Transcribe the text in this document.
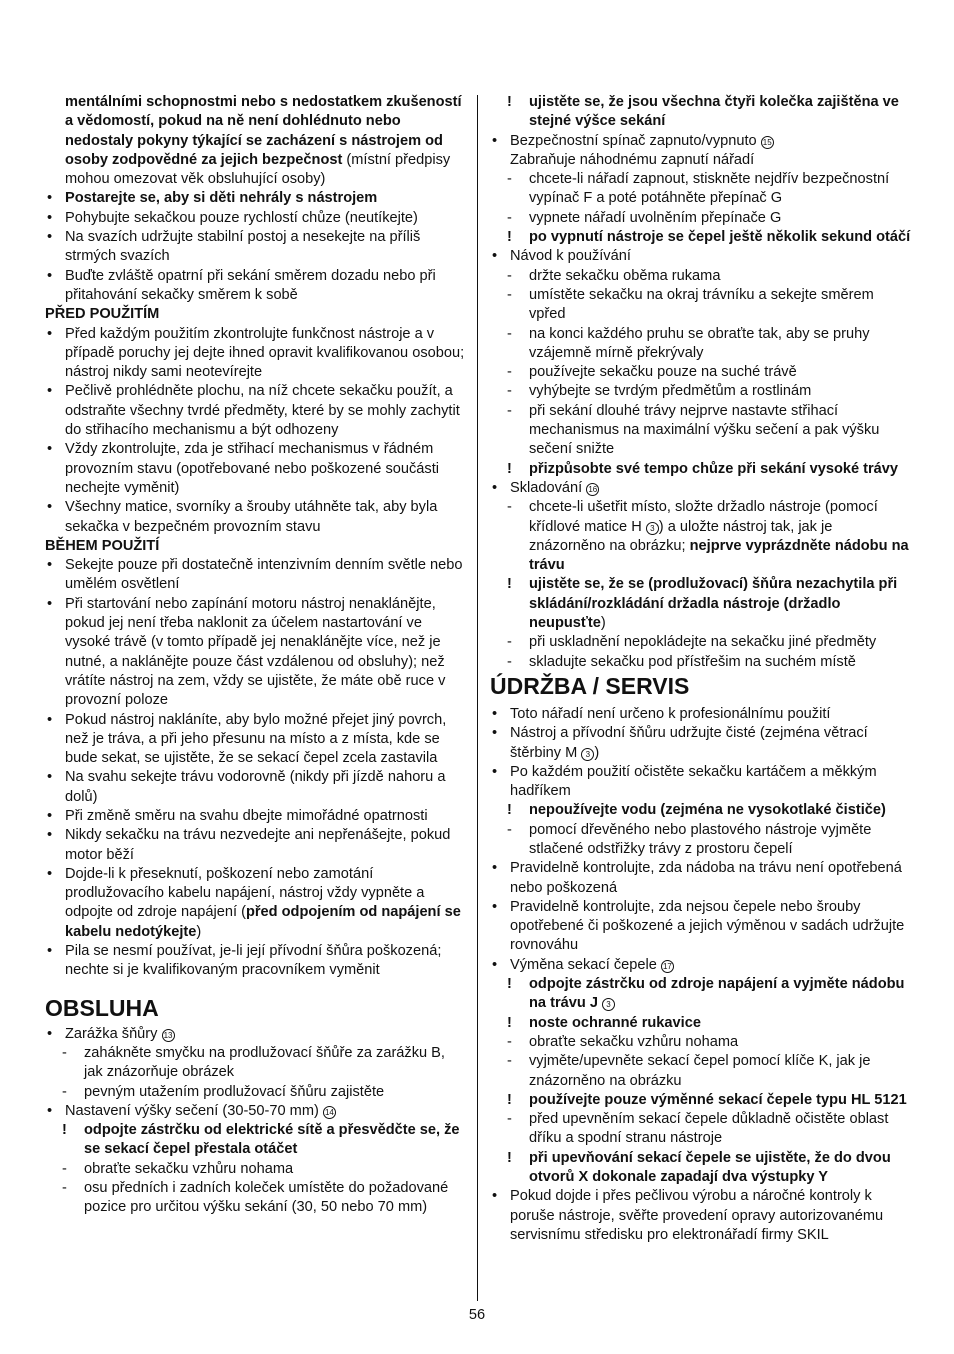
mentálními schopnostmi nebo s nedostatkem zkušeností a vědomostí, pokud na ně není dohlédnuto nebo nedostaly pokyny týkající se zacházení s nástrojem od osoby zodpovědné za jejich bezpečnost (místní předpisy mohou omezovat věk obsluhující osoby)
• Postarejte se, aby si děti nehrály s nástrojem
• Pohybujte sekačkou pouze rychlostí chůze (neutíkejte)
• Na svazích udržujte stabilní postoj a nesekejte na příliš strmých svazích
• Buďte zvláště opatrní při sekání směrem dozadu nebo při přitahování sekačky směrem k sobě
PŘED POUŽITÍM
• Před každým použitím zkontrolujte funkčnost nástroje a v případě poruchy jej dejte ihned opravit kvalifikovanou osobou; nástroj nikdy sami neotevírejte
• Pečlivě prohlédněte plochu, na níž chcete sekačku použít, a odstraňte všechny tvrdé předměty, které by se mohly zachytit do střihacího mechanismu a být odhozeny
• Vždy zkontrolujte, zda je střihací mechanismus v řádném provozním stavu (opotřebované nebo poškozené součásti nechejte vyměnit)
• Všechny matice, svorníky a šrouby utáhněte tak, aby byla sekačka v bezpečném provozním stavu
BĚHEM POUŽITÍ
• Sekejte pouze při dostatečně intenzivním denním světle nebo umělém osvětlení
• Při startování nebo zapínání motoru nástroj nenaklánějte, pokud jej není třeba naklonit za účelem nastartování ve vysoké trávě (v tomto případě jej nenaklánějte více, než je nutné, a naklánějte pouze část vzdálenou od obsluhy); než vrátíte nástroj na zem, vždy se ujistěte, že máte obě ruce v provozní poloze
• Pokud nástroj nakláníte, aby bylo možné přejet jiný povrch, než je tráva, a při jeho přesunu na místo a z místa, kde se bude sekat, se ujistěte, že se sekací čepel zcela zastavila
• Na svahu sekejte trávu vodorovně (nikdy při jízdě nahoru a dolů)
• Při změně směru na svahu dbejte mimořádné opatrnosti
• Nikdy sekačku na trávu nezvedejte ani nepřenášejte, pokud motor běží
• Dojde-li k přeseknutí, poškození nebo zamotání prodlužovacího kabelu napájení, nástroj vždy vypněte a odpojte od zdroje napájení (před odpojením od napájení se kabelu nedotýkejte)
• Pila se nesmí používat, je-li její přívodní šňůra poškozená; nechte si je kvalifikovaným pracovníkem vyměnit
OBSLUHA
• Zarážka šňůry 13
- zahákněte smyčku na prodlužovací šňůře za zarážku B, jak znázorňuje obrázek
- pevným utažením prodlužovací šňůru zajistěte
• Nastavení výšky sečení (30-50-70 mm) 14
! odpojte zástrčku od elektrické sítě a přesvědčte se, že se sekací čepel přestala otáčet
- obraťte sekačku vzhůru nohama
- osu předních i zadních koleček umístěte do požadované pozice pro určitou výšku sekání (30, 50 nebo 70 mm)
! ujistěte se, že jsou všechna čtyři kolečka zajištěna ve stejné výšce sekání
• Bezpečnostní spínač zapnuto/vypnuto 15
Zabraňuje náhodnému zapnutí nářadí
- chcete-li nářadí zapnout, stiskněte nejdřív bezpečnostní vypínač F a poté potáhněte přepínač G
- vypnete nářadí uvolněním přepínače G
! po vypnutí nástroje se čepel ještě několik sekund otáčí
• Návod k používání
- držte sekačku oběma rukama
- umístěte sekačku na okraj trávníku a sekejte směrem vpřed
- na konci každého pruhu se obraťte tak, aby se pruhy vzájemně mírně překrývaly
- používejte sekačku pouze na suché trávě
- vyhýbejte se tvrdým předmětům a rostlinám
- při sekání dlouhé trávy nejprve nastavte střihací mechanismus na maximální výšku sečení a pak výšku sečení snižte
! přizpůsobte své tempo chůze při sekání vysoké trávy
• Skladování 16
- chcete-li ušetřit místo, složte držadlo nástroje (pomocí křídlové matice H 3 ) a uložte nástroj tak, jak je znázorněno na obrázku; nejprve vyprázdněte nádobu na trávu
! ujistěte se, že se (prodlužovací) šňůra nezachytila při skládání/rozkládání držadla nástroje (držadlo neupusťte)
- při uskladnění nepokládejte na sekačku jiné předměty
- skladujte sekačku pod přístřešim na suchém místě
ÚDRŽBA / SERVIS
• Toto nářadí není určeno k profesionálnímu použití
• Nástroj a přívodní šňůru udržujte čisté (zejména větrací štěrbiny M 3 )
• Po každém použití očistěte sekačku kartáčem a měkkým hadříkem
! nepoužívejte vodu (zejména ne vysokotlaké čističe)
- pomocí dřevěného nebo plastového nástroje vyjměte stlačené odstřižky trávy z prostoru čepelí
• Pravidelně kontrolujte, zda nádoba na trávu není opotřebená nebo poškozená
• Pravidelně kontrolujte, zda nejsou čepele nebo šrouby opotřebené či poškozené a jejich výměnou v sadách udržujte rovnováhu
• Výměna sekací čepele 17
! odpojte zástrčku od zdroje napájení a vyjměte nádobu na trávu J 3
! noste ochranné rukavice
- obraťte sekačku vzhůru nohama
- vyjměte/upevněte sekací čepel pomocí klíče K, jak je znázorněno na obrázku
! používejte pouze výměnné sekací čepele typu HL 5121
- před upevněním sekací čepele důkladně očistěte oblast dříku a spodní stranu nástroje
! při upevňování sekací čepele se ujistěte, že do dvou otvorů X dokonale zapadají dva výstupky Y
• Pokud dojde i přes pečlivou výrobu a náročné kontroly k poruše nástroje, svěřte provedení opravy autorizovanému servisnímu středisku pro elektronářadí firmy SKIL
56
